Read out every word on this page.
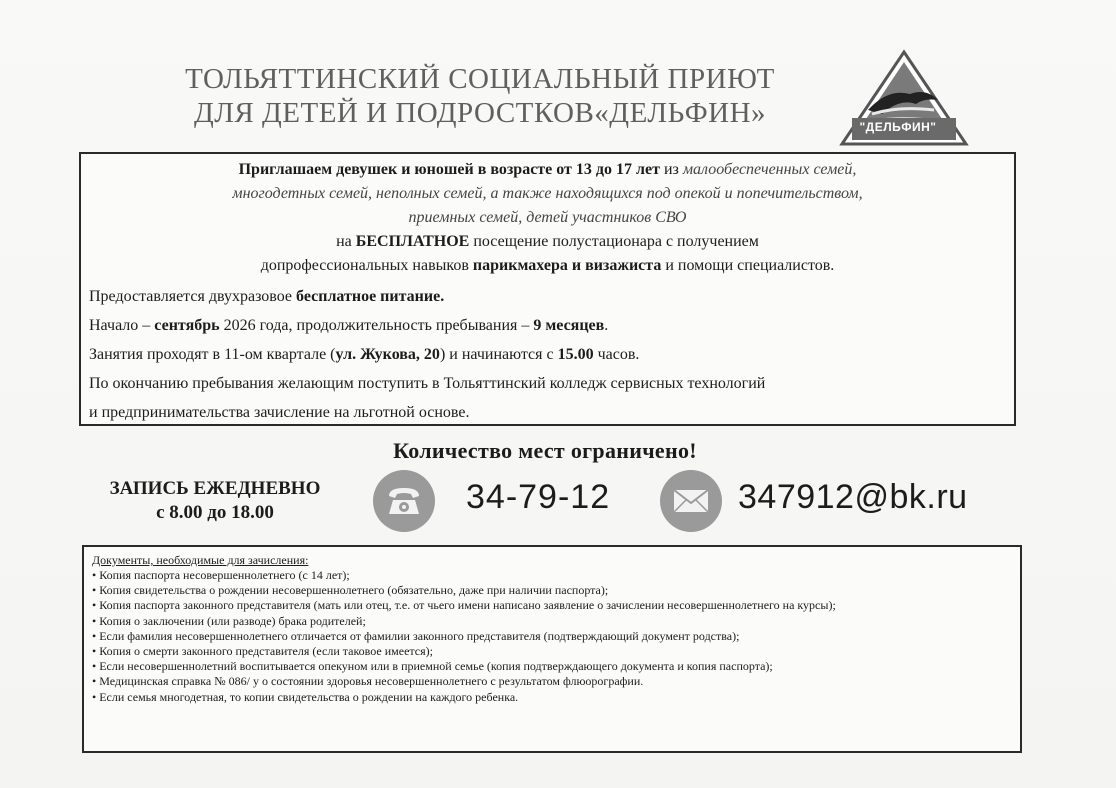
ТОЛЬЯТТИНСКИЙ СОЦИАЛЬНЫЙ ПРИЮТ
ДЛЯ ДЕТЕЙ И ПОДРОСТКОВ«ДЕЛЬФИН»	"ДЕЛЬФИН"

Приглашаем девушек и юношей в возрасте от 13 до 17 лет из малообеспеченных семей,

многодетных семей, неполных семей, а также находящихся под опекой и попечительством,

приемных семей, детей участников СВО

на БЕСПЛАТНОЕ посещение полустационара с получением

допрофессиональных навыков парикмахера и визажиста и помощи специалистов.

Предоставляется двухразовое бесплатное питание.

Начало – сентябрь 2026 года, продолжительность пребывания – 9 месяцев.

Занятия проходят в 11-ом квартале (ул. Жукова, 20) и начинаются с 15.00 часов.

По окончанию пребывания желающим поступить в Тольяттинский колледж сервисных технологий

и предпринимательства зачисление на льготной основе.

Количество мест ограничено!
ЗАПИСЬ ЕЖЕДНЕВНО
с 8.00 до 18.00	34-79-12	347912@bk.ru
Документы, необходимые для зачисления:
• Копия паспорта несовершеннолетнего (с 14 лет);
• Копия свидетельства о рождении несовершеннолетнего (обязательно, даже при наличии паспорта);
• Копия паспорта законного представителя (мать или отец, т.е. от чьего имени написано заявление о зачислении несовершеннолетнего на курсы);
• Копия о заключении (или разводе) брака родителей;
• Если фамилия несовершеннолетнего отличается от фамилии законного представителя (подтверждающий документ родства);
• Копия о смерти законного представителя (если таковое имеется);
• Если несовершеннолетний воспитывается опекуном или в приемной семье (копия подтверждающего документа и копия паспорта);
• Медицинская справка № 086/ у о состоянии здоровья несовершеннолетнего с результатом флюорографии.
• Если семья многодетная, то копии свидетельства о рождении на каждого ребенка.
